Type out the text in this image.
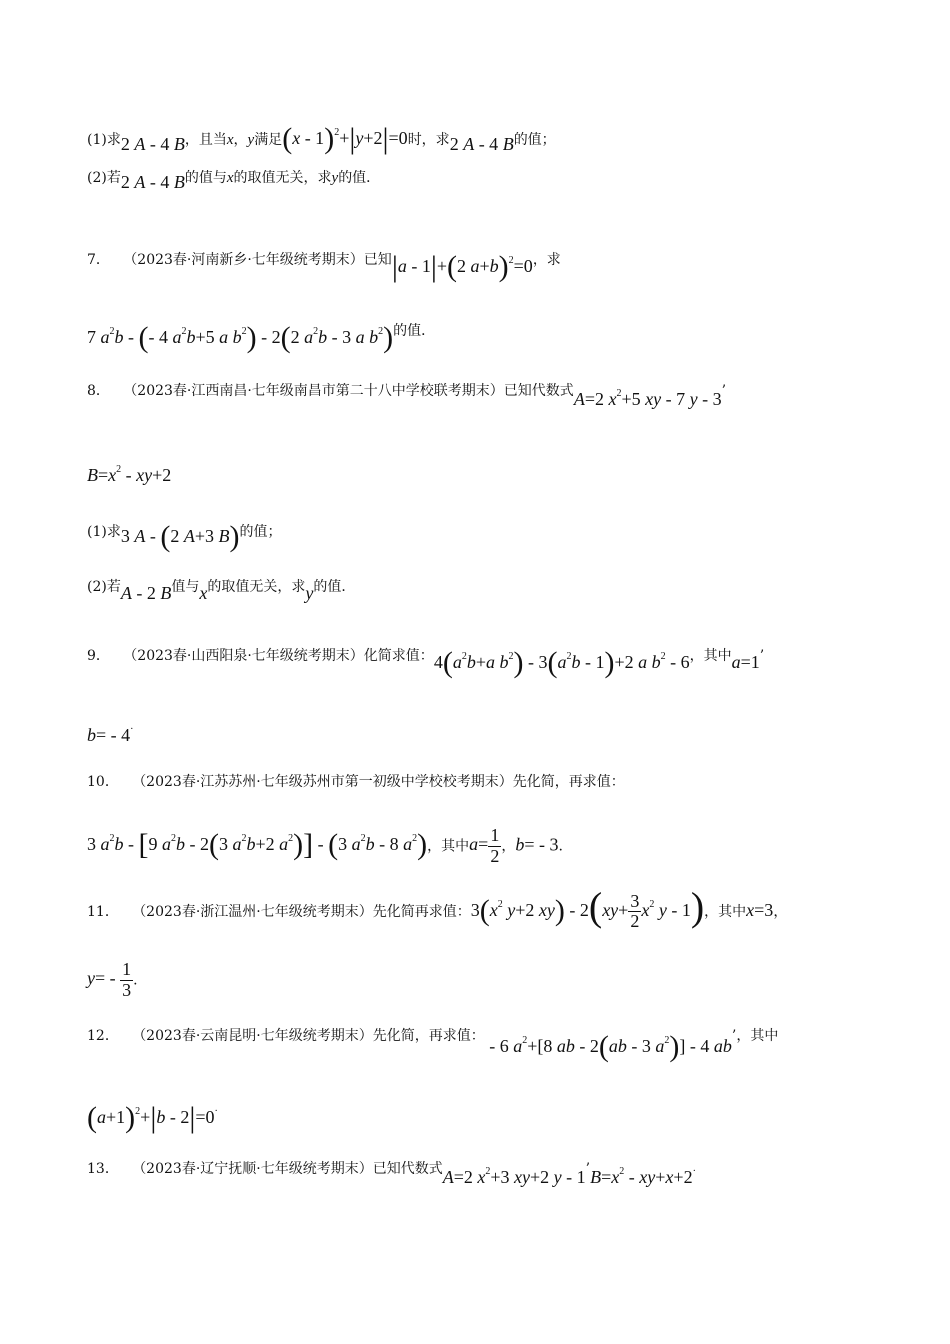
(1)求2 A - 4 B，且当x，y满足(x - 1)$^2$+|y+2|=0时，求2 A - 4 B的值；
(2)若2 A - 4 B的值与x的取值无关，求y的值．
7． （2023春·河南新乡·七年级统考期末）已知|a - 1|+(2 a+b)$^2$=0，求
7 $a^2b$ - (- 4 $a^2b+5$ a $b^2) - 2(2$ $a^2b - 3$ a $b^2$)的值．
8． （2023春·江西南昌·七年级南昌市第二十八中学校联考期末）已知代数式A=2 $x^2+5$ xy - 7 y - 3’
$B=x^2 - xy+2$
(1)求3 A - (2 A+3 B)的值；
(2)若A - 2 B值与x的取值无关，求y的值．
9． （2023春·山西阳泉·七年级统考期末）化简求值：$4(a^2b+a$ $b^2) - 3(a^2b - 1)+2$ a $b^2 - 6$，其中a=1’
b= - 4·
10． （2023春·江苏苏州·七年级苏州市第一初级中学校校考期末）先化简，再求值：
3 $a^2b - [9$ $a^2b - 2(3$ $a^2b+2$ $a^2)] - (3$ $a^2b - 8$ $a^2$)，其中$a= \frac{1}{2}$ ，b= - 3.
11． （2023春·浙江温州·七年级统考期末）先化简再求值：$3(x^2$ y+2 $xy) - 2(xy+ \frac{3}{2} x^2$ y - 1)，其中x=3，
$y= - \frac{1}{3}$ .
12． （2023春·云南昆明·七年级统考期末）先化简，再求值： - 6 $a^2+[8$ ab - 2(ab - 3 $a^2)] - 4$ ab’，其中
$(a+1)^2+|b - 2|=0^\cdot$
13． （2023春·辽宁抚顺·七年级统考期末）已知代数式A=2 $x^2+3$ xy+2 $y - 1’B=x^2 - xy+x+2^\cdot$
